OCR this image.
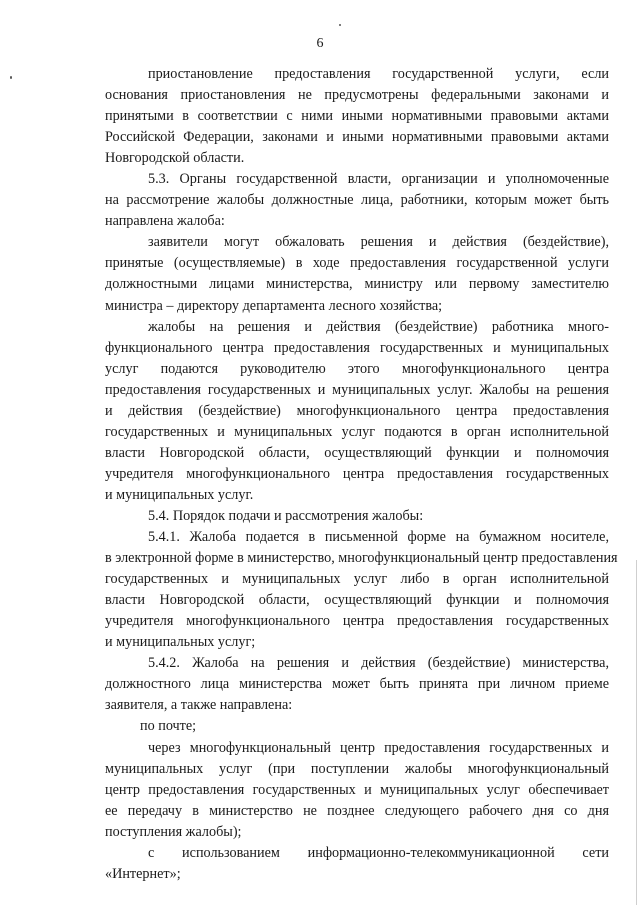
6
приостановление предоставления государственной услуги, если
основания приостановления не предусмотрены федеральными законами и
принятыми в соответствии с ними иными нормативными правовыми актами
Российской Федерации, законами и иными нормативными правовыми актами
Новгородской области.
5.3. Органы государственной власти, организации и уполномоченные
на рассмотрение жалобы должностные лица, работники, которым может быть
направлена жалоба:
заявители могут обжаловать решения и действия (бездействие),
принятые (осуществляемые) в ходе предоставления государственной услуги
должностными лицами министерства, министру или первому заместителю
министра – директору департамента лесного хозяйства;
жалобы на решения и действия (бездействие) работника много-
функционального центра предоставления государственных и муниципальных
услуг подаются руководителю этого многофункционального центра
предоставления государственных и муниципальных услуг. Жалобы на решения
и действия (бездействие) многофункционального центра предоставления
государственных и муниципальных услуг подаются в орган исполнительной
власти Новгородской области, осуществляющий функции и полномочия
учредителя многофункционального центра предоставления государственных
и муниципальных услуг.
5.4. Порядок подачи и рассмотрения жалобы:
5.4.1. Жалоба подается в письменной форме на бумажном носителе,
в электронной форме в министерство, многофункциональный центр предоставления
государственных и муниципальных услуг либо в орган исполнительной
власти Новгородской области, осуществляющий функции и полномочия
учредителя многофункционального центра предоставления государственных
и муниципальных услуг;
5.4.2. Жалоба на решения и действия (бездействие) министерства,
должностного лица министерства может быть принята при личном приеме
заявителя, а также направлена:
по почте;
через многофункциональный центр предоставления государственных и
муниципальных услуг (при поступлении жалобы многофункциональный
центр предоставления государственных и муниципальных услуг обеспечивает
ее передачу в министерство не позднее следующего рабочего дня со дня
поступления жалобы);
с использованием информационно-телекоммуникационной сети
«Интернет»;
